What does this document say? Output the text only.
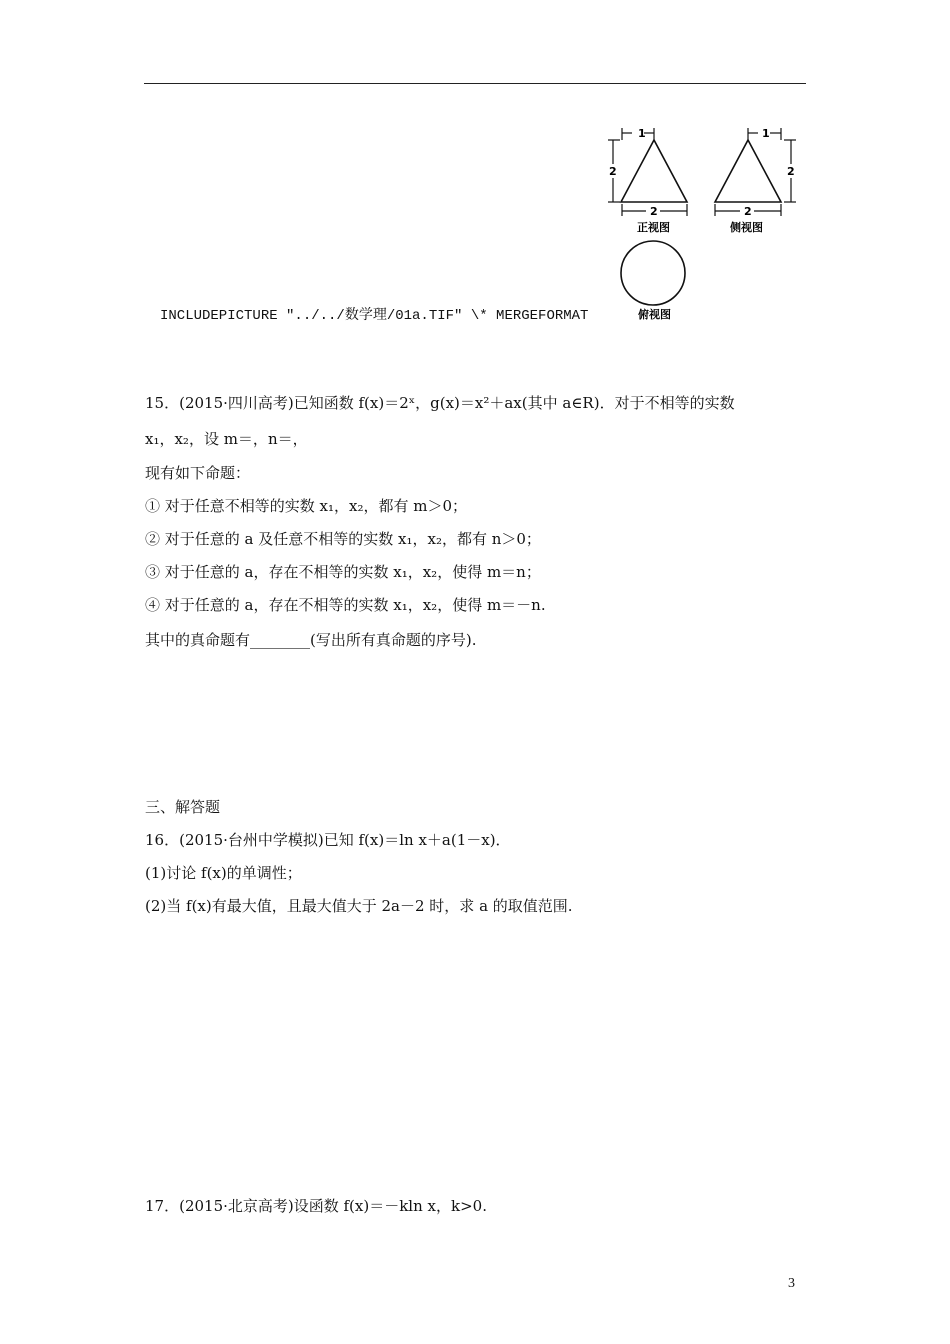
1
2
2
正视图
1
2
2
侧视图
俯视图
INCLUDEPICTURE "../../数学理/01a.TIF" \* MERGEFORMAT
15．(2015·四川高考)已知函数 f(x)＝2ˣ，g(x)＝x²＋ax(其中 a∈R)．对于不相等的实数
x₁，x₂，设 m＝，n＝，
现有如下命题：
① 对于任意不相等的实数 x₁，x₂，都有 m＞0；
② 对于任意的 a 及任意不相等的实数 x₁，x₂，都有 n＞0；
③ 对于任意的 a，存在不相等的实数 x₁，x₂，使得 m＝n；
④ 对于任意的 a，存在不相等的实数 x₁，x₂，使得 m＝－n.
其中的真命题有________(写出所有真命题的序号).
三、解答题
16．(2015·台州中学模拟)已知 f(x)＝ln x＋a(1－x)．
(1)讨论 f(x)的单调性；
(2)当 f(x)有最大值，且最大值大于 2a－2 时，求 a 的取值范围.
17．(2015·北京高考)设函数 f(x)＝－kln x，k>0.
3
